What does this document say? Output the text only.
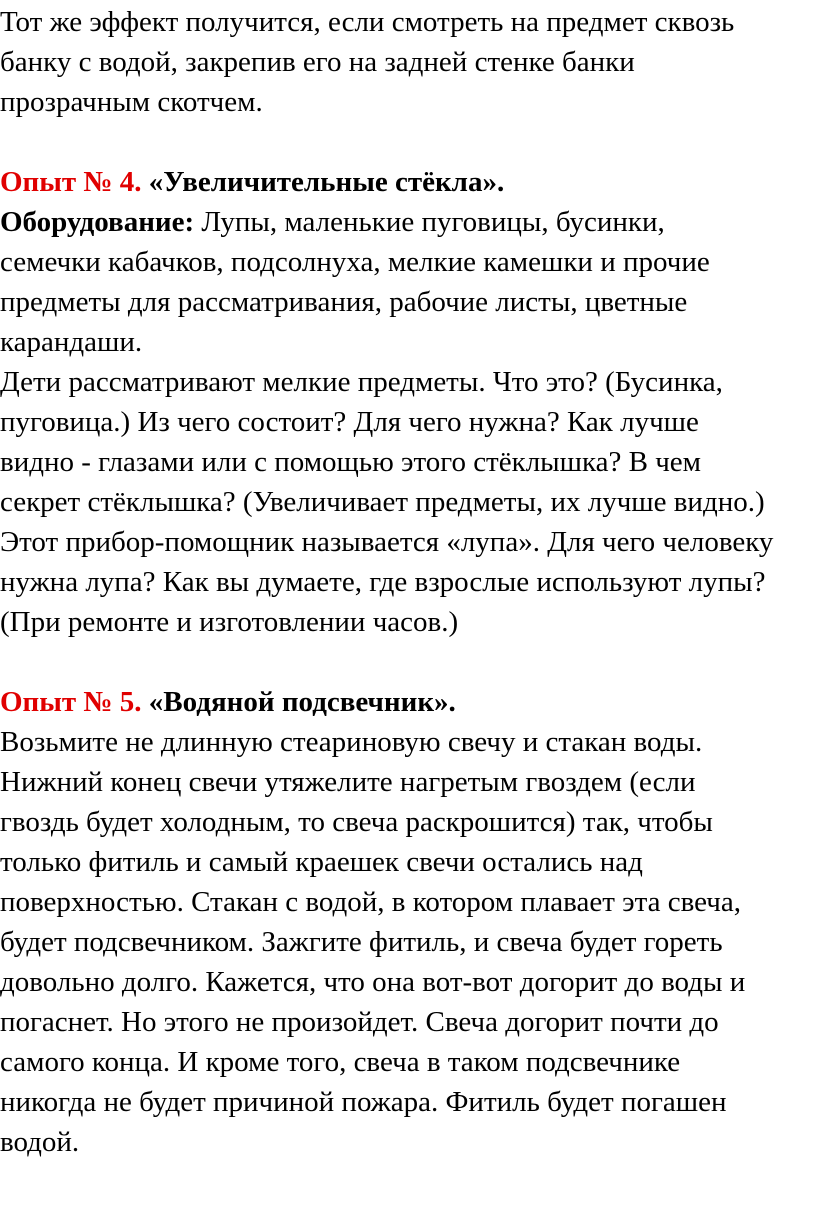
Тот же эффект получится, если смотреть на предмет сквозь
банку с водой, закрепив его на задней стенке банки
прозрачным скотчем.
Опыт № 4. «Увеличительные стёкла».
Оборудование: Лупы, маленькие пуговицы, бусинки,
семечки кабачков, подсолнуха, мелкие камешки и прочие
предметы для рассматривания, рабочие листы, цветные
карандаши.
Дети рассматривают мелкие предметы. Что это? (Бусинка,
пуговица.) Из чего состоит? Для чего нужна? Как лучше
видно - глазами или с помощью этого стёклышка? В чем
секрет стёклышка? (Увеличивает предметы, их лучше видно.)
Этот прибор-помощник называется «лупа». Для чего человеку
нужна лупа? Как вы думаете, где взрослые используют лупы?
(При ремонте и изготовлении часов.)
Опыт № 5. «Водяной подсвечник».
Возьмите не длинную стеариновую свечу и стакан воды.
Нижний конец свечи утяжелите нагретым гвоздем (если
гвоздь будет холодным, то свеча раскрошится) так, чтобы
только фитиль и самый краешек свечи остались над
поверхностью. Стакан с водой, в котором плавает эта свеча,
будет подсвечником. Зажгите фитиль, и свеча будет гореть
довольно долго. Кажется, что она вот-вот догорит до воды и
погаснет. Но этого не произойдет. Свеча догорит почти до
самого конца. И кроме того, свеча в таком подсвечнике
никогда не будет причиной пожара. Фитиль будет погашен
водой.
